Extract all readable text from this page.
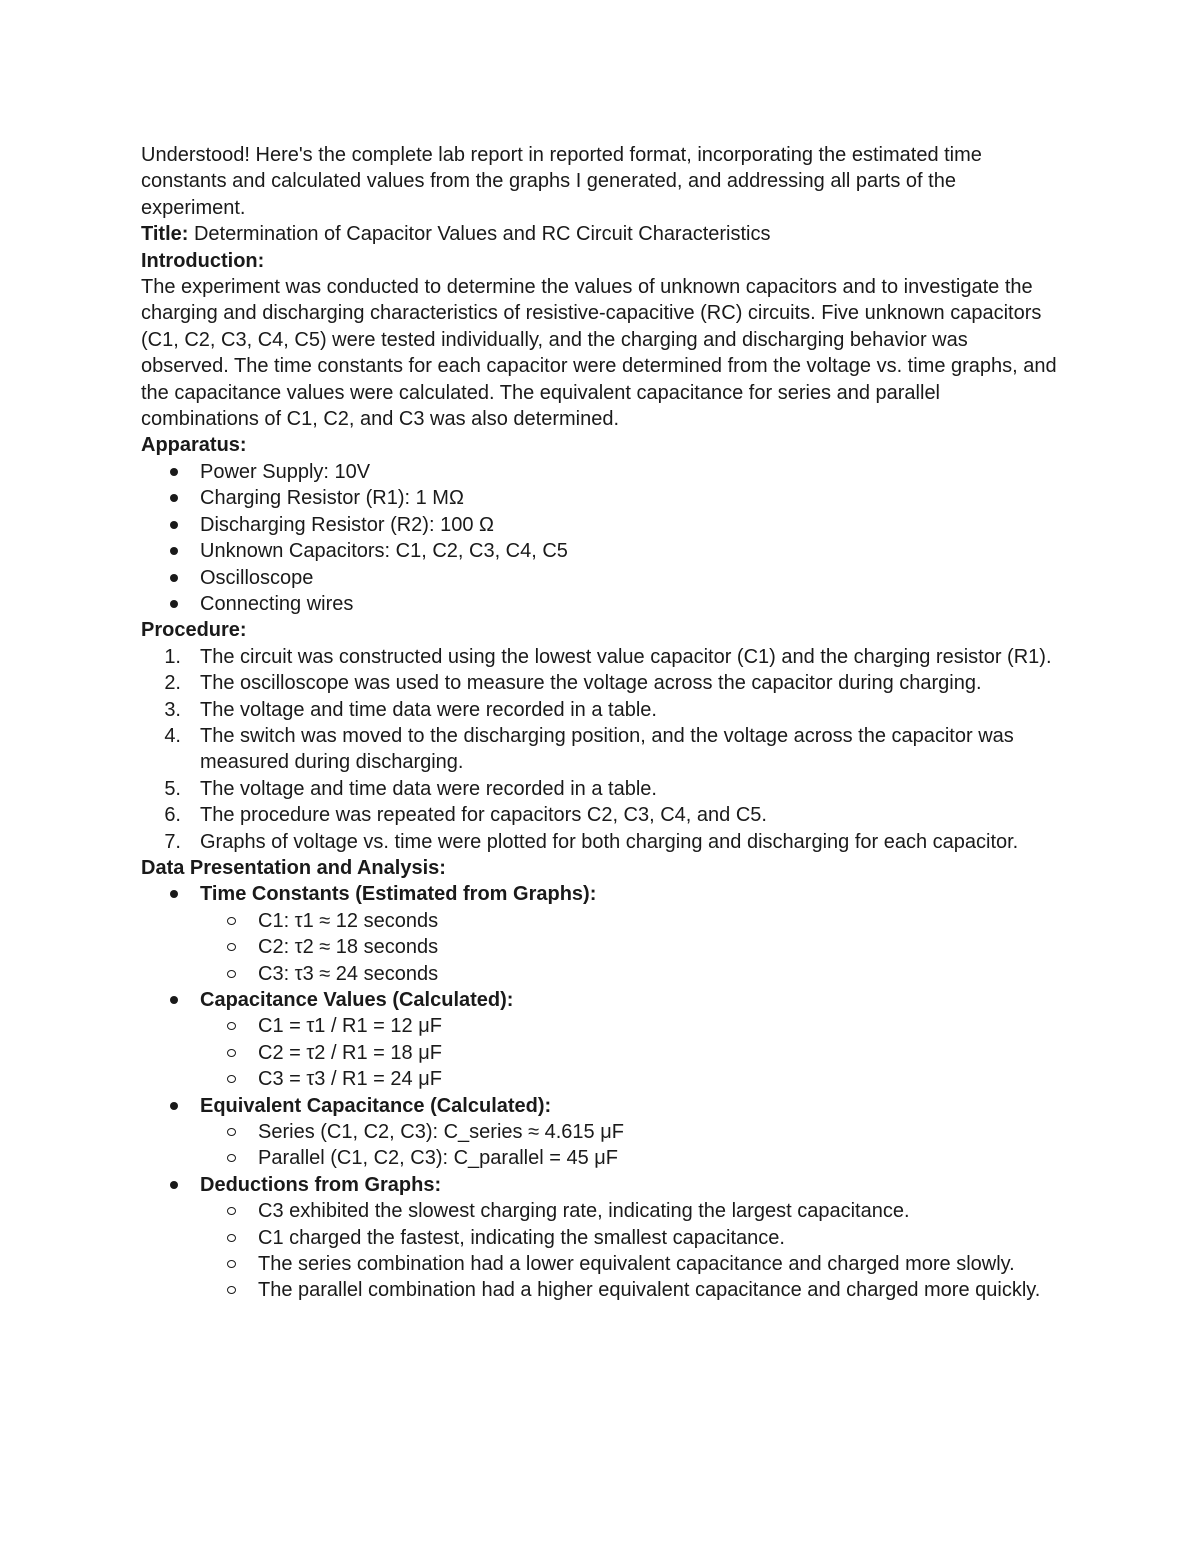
Understood! Here's the complete lab report in reported format, incorporating the estimated time constants and calculated values from the graphs I generated, and addressing all parts of the experiment.

Title: Determination of Capacitor Values and RC Circuit Characteristics

Introduction:

The experiment was conducted to determine the values of unknown capacitors and to investigate the charging and discharging characteristics of resistive-capacitive (RC) circuits. Five unknown capacitors (C1, C2, C3, C4, C5) were tested individually, and the charging and discharging behavior was observed. The time constants for each capacitor were determined from the voltage vs. time graphs, and the capacitance values were calculated. The equivalent capacitance for series and parallel combinations of C1, C2, and C3 was also determined.

Apparatus:

Power Supply: 10V
Charging Resistor (R1): 1 MΩ
Discharging Resistor (R2): 100 Ω
Unknown Capacitors: C1, C2, C3, C4, C5
Oscilloscope
Connecting wires

Procedure:

1. The circuit was constructed using the lowest value capacitor (C1) and the charging resistor (R1).
2. The oscilloscope was used to measure the voltage across the capacitor during charging.
3. The voltage and time data were recorded in a table.
4. The switch was moved to the discharging position, and the voltage across the capacitor was measured during discharging.
5. The voltage and time data were recorded in a table.
6. The procedure was repeated for capacitors C2, C3, C4, and C5.
7. Graphs of voltage vs. time were plotted for both charging and discharging for each capacitor.

Data Presentation and Analysis:

Time Constants (Estimated from Graphs):
C1: τ1 ≈ 12 seconds
C2: τ2 ≈ 18 seconds
C3: τ3 ≈ 24 seconds
Capacitance Values (Calculated):
C1 = τ1 / R1 = 12 μF
C2 = τ2 / R1 = 18 μF
C3 = τ3 / R1 = 24 μF
Equivalent Capacitance (Calculated):
Series (C1, C2, C3): C_series ≈ 4.615 μF
Parallel (C1, C2, C3): C_parallel = 45 μF
Deductions from Graphs:
C3 exhibited the slowest charging rate, indicating the largest capacitance.
C1 charged the fastest, indicating the smallest capacitance.
The series combination had a lower equivalent capacitance and charged more slowly.
The parallel combination had a higher equivalent capacitance and charged more quickly.
